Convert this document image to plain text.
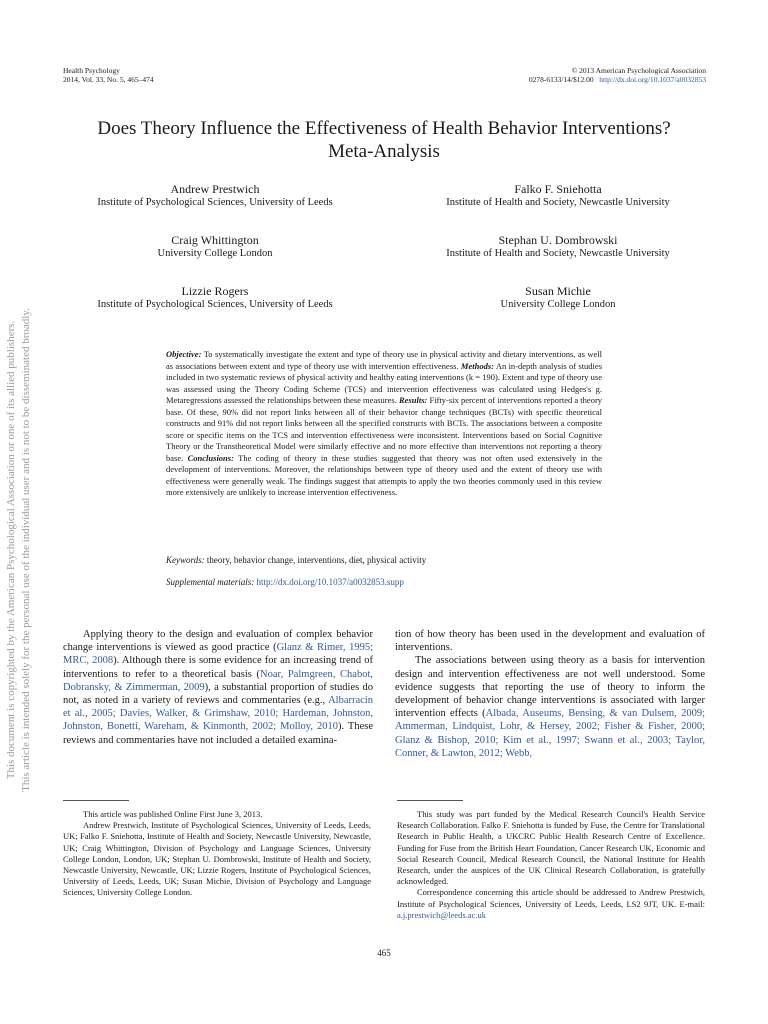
This document is copyrighted by the American Psychological Association or one of its allied publishers. This article is intended solely for the personal use of the individual user and is not to be disseminated broadly.
Health Psychology
2014, Vol. 33, No. 5, 465–474
© 2013 American Psychological Association
0278-6133/14/$12.00 http://dx.doi.org/10.1037/a0032853
Does Theory Influence the Effectiveness of Health Behavior Interventions?
Meta-Analysis
Andrew Prestwich
Institute of Psychological Sciences, University of Leeds
Falko F. Sniehotta
Institute of Health and Society, Newcastle University
Craig Whittington
University College London
Stephan U. Dombrowski
Institute of Health and Society, Newcastle University
Lizzie Rogers
Institute of Psychological Sciences, University of Leeds
Susan Michie
University College London
Objective: To systematically investigate the extent and type of theory use in physical activity and dietary interventions, as well as associations between extent and type of theory use with intervention effectiveness. Methods: An in-depth analysis of studies included in two systematic reviews of physical activity and healthy eating interventions (k = 190). Extent and type of theory use was assessed using the Theory Coding Scheme (TCS) and intervention effectiveness was calculated using Hedges's g. Metaregressions assessed the relationships between these measures. Results: Fifty-six percent of interventions reported a theory base. Of these, 90% did not report links between all of their behavior change techniques (BCTs) with specific theoretical constructs and 91% did not report links between all the specified constructs with BCTs. The associations between a composite score or specific items on the TCS and intervention effectiveness were inconsistent. Interventions based on Social Cognitive Theory or the Transtheoretical Model were similarly effective and no more effective than interventions not reporting a theory base. Conclusions: The coding of theory in these studies suggested that theory was not often used extensively in the development of interventions. Moreover, the relationships between type of theory used and the extent of theory use with effectiveness were generally weak. The findings suggest that attempts to apply the two theories commonly used in this review more extensively are unlikely to increase intervention effectiveness.
Keywords: theory, behavior change, interventions, diet, physical activity
Supplemental materials: http://dx.doi.org/10.1037/a0032853.supp

Applying theory to the design and evaluation of complex behavior change interventions is viewed as good practice (Glanz & Rimer, 1995; MRC, 2008). Although there is some evidence for an increasing trend of interventions to refer to a theoretical basis (Noar, Palmgreen, Chabot, Dobransky, & Zimmerman, 2009), a substantial proportion of studies do not, as noted in a variety of reviews and commentaries (e.g., Albarracin et al., 2005; Davies, Walker, & Grimshaw, 2010; Hardeman, Johnston, Johnston, Bonetti, Wareham, & Kinmonth, 2002; Molloy, 2010). These reviews and commentaries have not included a detailed examina-

tion of how theory has been used in the development and evaluation of interventions.

The associations between using theory as a basis for intervention design and intervention effectiveness are not well understood. Some evidence suggests that reporting the use of theory to inform the development of behavior change interventions is associated with larger intervention effects (Albada, Auseums, Bensing, & van Dulsem, 2009; Ammerman, Lindquist, Lohr, & Hersey, 2002; Fisher & Fisher, 2000; Glanz & Bishop, 2010; Kim et al., 1997; Swann et al., 2003; Taylor, Conner, & Lawton, 2012; Webb,

This article was published Online First June 3, 2013.

Andrew Prestwich, Institute of Psychological Sciences, University of Leeds, Leeds, UK; Falko F. Sniehotta, Institute of Health and Society, Newcastle University, Newcastle, UK; Craig Whittington, Division of Psychology and Language Sciences, University College London, London, UK; Stephan U. Dombrowski, Institute of Health and Society, Newcastle University, Newcastle, UK; Lizzie Rogers, Institute of Psychological Sciences, University of Leeds, Leeds, UK; Susan Michie, Division of Psychology and Language Sciences, University College London.

This study was part funded by the Medical Research Council's Health Service Research Collaboration. Falko F. Sniehotta is funded by Fuse, the Centre for Translational Research in Public Health, a UKCRC Public Health Research Centre of Excellence. Funding for Fuse from the British Heart Foundation, Cancer Research UK, Economic and Social Research Council, Medical Research Council, the National Institute for Health Research, under the auspices of the UK Clinical Research Collaboration, is gratefully acknowledged.

Correspondence concerning this article should be addressed to Andrew Prestwich, Institute of Psychological Sciences, University of Leeds, Leeds, LS2 9JT, UK. E-mail: a.j.prestwich@leeds.ac.uk

465
